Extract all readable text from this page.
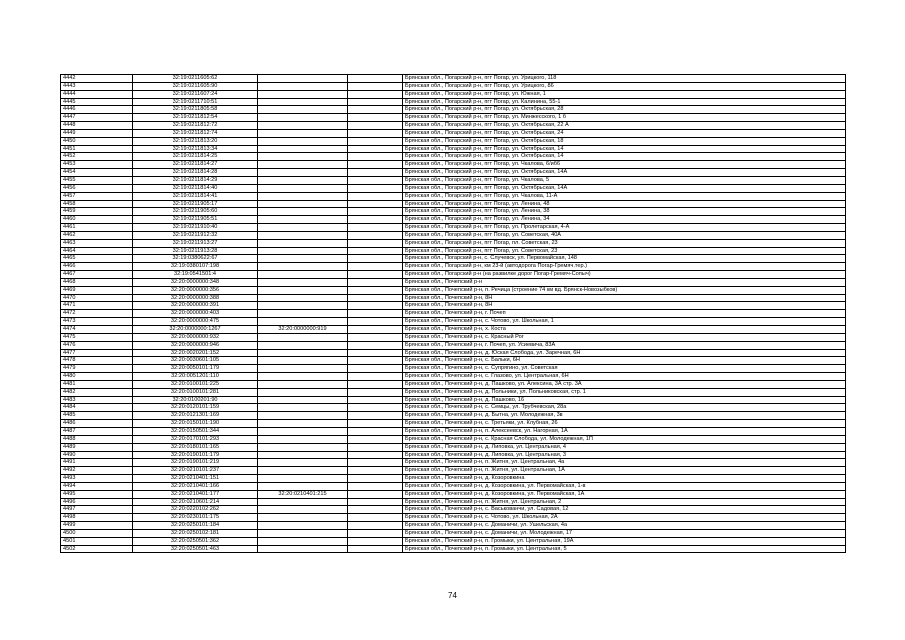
4442	32:19:0211605:62			Брянская обл., Погарский р-н, пгт Погар, ул. Урицкого, 118
4443	32:19:0211605:90			Брянская обл., Погарский р-н, пгт Погар, ул. Урицкого, 86
4444	32:19:0211607:24			Брянская обл., Погарский р-н, пгт Погар, ул. Южная, 1
4445	32:19:0211710:51			Брянская обл., Погарский р-н, пгт Погар, ул. Калинина, 55-1
4446	32:19:0211805:58			Брянская обл., Погарский р-н, пгт Погар, ул. Октябрьская, 28
4447	32:19:0211812:54			Брянская обл., Погарский р-н, пгт Погар, ул. Минжесского, 1 б
4448	32:19:0211812:72			Брянская обл., Погарский р-н, пгт Погар, ул. Октябрьская, 22 А
4449	32:19:0211812:74			Брянская обл., Погарский р-н, пгт Погар, ул. Октябрьская, 24
4450	32:19:0211813:20			Брянская обл., Погарский р-н, пгт Погар, ул. Октябрьская, 18
4451	32:19:0211813:34			Брянская обл., Погарский р-н, пгт Погар, ул. Октябрьская, 14
4452	32:19:0211814:25			Брянская обл., Погарский р-н, пгт Погар, ул. Октябрьская, 14
4453	32:19:0211814:27			Брянская обл., Погарский р-н, пгт Погар, ул. Чкалова, 6/иб6
4454	32:19:0211814:28			Брянская обл., Погарский р-н, пгт Погар, ул. Октябрьская, 14А
4455	32:19:0211814:29			Брянская обл., Погарский р-н, пгт Погар, ул. Чкалова, 5
4456	32:19:0211814:40			Брянская обл., Погарский р-н, пгт Погар, ул. Октябрьская, 14А
4457	32:19:0211814:41			Брянская обл., Погарский р-н, пгт Погар, ул. Чкалова, 11-А
4458	32:19:0211905:17			Брянская обл., Погарский р-н, пгт Погар, ул. Ленина, 48
4459	32:19:0211905:60			Брянская обл., Погарский р-н, пгт Погар, ул. Ленина, 38
4460	32:19:0211905:51			Брянская обл., Погарский р-н, пгт Погар, ул. Ленина, 34
4461	32:19:0211910:40			Брянская обл., Погарский р-н, пгт Погар, ул. Пролетарская, 4-А
4462	32:19:0211912:32			Брянская обл., Погарский р-н, пгт Погар, ул. Советская, 40А
4463	32:19:0211913:27			Брянская обл., Погарский р-н, пгт Погар, пл. Советская, 23
4464	32:19:0211913:28			Брянская обл., Погарский р-н, пгт Погар, ул. Советская, 23
4465	32:19:0380622:67			Брянская обл., Погарский р-н, с. Случевск, ул. Первомайская, 148
4466	32:19:0380107:198			Брянская обл., Погарский р-н, км 23-й (автодорога Погар-Гремяч.тер.)
4467	32:19:0541501:4			Брянская обл., Погарский р-н (на развилке дорог Погар-Гремяч-Сопыч)
4468	32:20:0000000:348			Брянская обл., Почепский р-н
4469	32:20:0000000:356			Брянская обл., Почепский р-н, п. Речица (строение 74 км вд. Брянск-Новозыбков)
4470	32:20:0000000:388			Брянская обл., Почепский р-н, 8Н
4471	32:20:0000000:391			Брянская обл., Почепский р-н, 8Н
4472	32:20:0000000:403			Брянская обл., Почепский р-н, г. Почеп
4473	32:20:0000000:475			Брянская обл., Почепский р-н, с. Чотово, ул. Школьная, 1
4474	32:20:0000000:1267	32:20:0000000:919		Брянская обл., Почепский р-н, х. Коста
4475	32:20:0000000:932			Брянская обл., Почепский р-н, с. Красный Рог
4476	32:20:0000000:946			Брянская обл., Почепский р-н, г. Почеп, ул. Усиевича, 83А
4477	32:20:0020201:152			Брянская обл., Почепский р-н, д. Юская Слобода, ул. Заречная, 6Н
4478	32:20:0030601:105			Брянская обл., Почепский р-н, с. Бальки, 6Н
4479	32:20:0050101:179			Брянская обл., Почепский р-н, с. Супрягино, ул. Советская
4480	32:20:0051201:110			Брянская обл., Почепский р-н, с. Глазово, ул. Центральная, 6Н
4481	32:20:0100101:225			Брянская обл., Почепский р-н, д. Пашково, ул. Алексина, 3А стр. 3А
4482	32:20:0100101:281			Брянская обл., Почепский р-н, д. Польники, ул. Польниковская, стр. 1
4483	32:20:0100201:90			Брянская обл., Почепский р-н, д. Пашково, 16
4484	32:20:0120101:159			Брянская обл., Почепский р-н, с. Семцы, ул. Трубчевская, 28а
4485	32:20:0121301:169			Брянская обл., Почепский р-н, д. Бытна, ул. Молодежная, 3в
4486	32:20:0150101:190			Брянская обл., Почепский р-н, с. Третьяки, ул. Клубная, 26
4487	32:20:0150501:344			Брянская обл., Почепский р-н, п. Алексеевск, ул. Нагорная, 1А
4488	32:20:0170101:293			Брянская обл., Почепский р-н, с. Красная Слобода, ул. Молодежная, 1П
4489	32:20:0180101:165			Брянская обл., Почепский р-н, д. Липовка, ул. Центральная, 4
4490	32:20:0190101:179			Брянская обл., Почепский р-н, д. Липовка, ул. Центральная, 3
4491	32:20:0190101:219			Брянская обл., Почепский р-н, п. Житня, ул. Центральная, 4а
4492	32:20:0210101:237			Брянская обл., Почепский р-н, п. Житня, ул. Центральная, 1А
4493	32:20:0210401:151			Брянская обл., Почепский р-н, д. Козоровкина
4494	32:20:0210401:166			Брянская обл., Почепский р-н, д. Козоровкина, ул. Первомайская, 1-в
4495	32:20:0210401:177	32:20:0210401:215		Брянская обл., Почепский р-н, д. Козоровкина, ул. Первомайская, 1А
4496	32:20:0210601:214			Брянская обл., Почепский р-н, п. Житня, ул. Центральная, 2
4497	32:20:0220102:262			Брянская обл., Почепский р-н, с. Васькованчи, ул. Садовая, 12
4498	32:20:0230101:175			Брянская обл., Почепский р-н, с. Чотово, ул. Школьная, 2А
4499	32:20:0250101:184			Брянская обл., Почепский р-н, с. Доманичи, ул. Ушельская, 4а
4500	32:20:0250102:181			Брянская обл., Почепский р-н, с. Доманичи, ул. Молодежная, 17
4501	32:20:0250501:362			Брянская обл., Почепский р-н, п. Громыки, ул. Центральная, 19А
4502	32:20:0250501:463			Брянская обл., Почепский р-н, п. Громыки, ул. Центральная, 5
74
